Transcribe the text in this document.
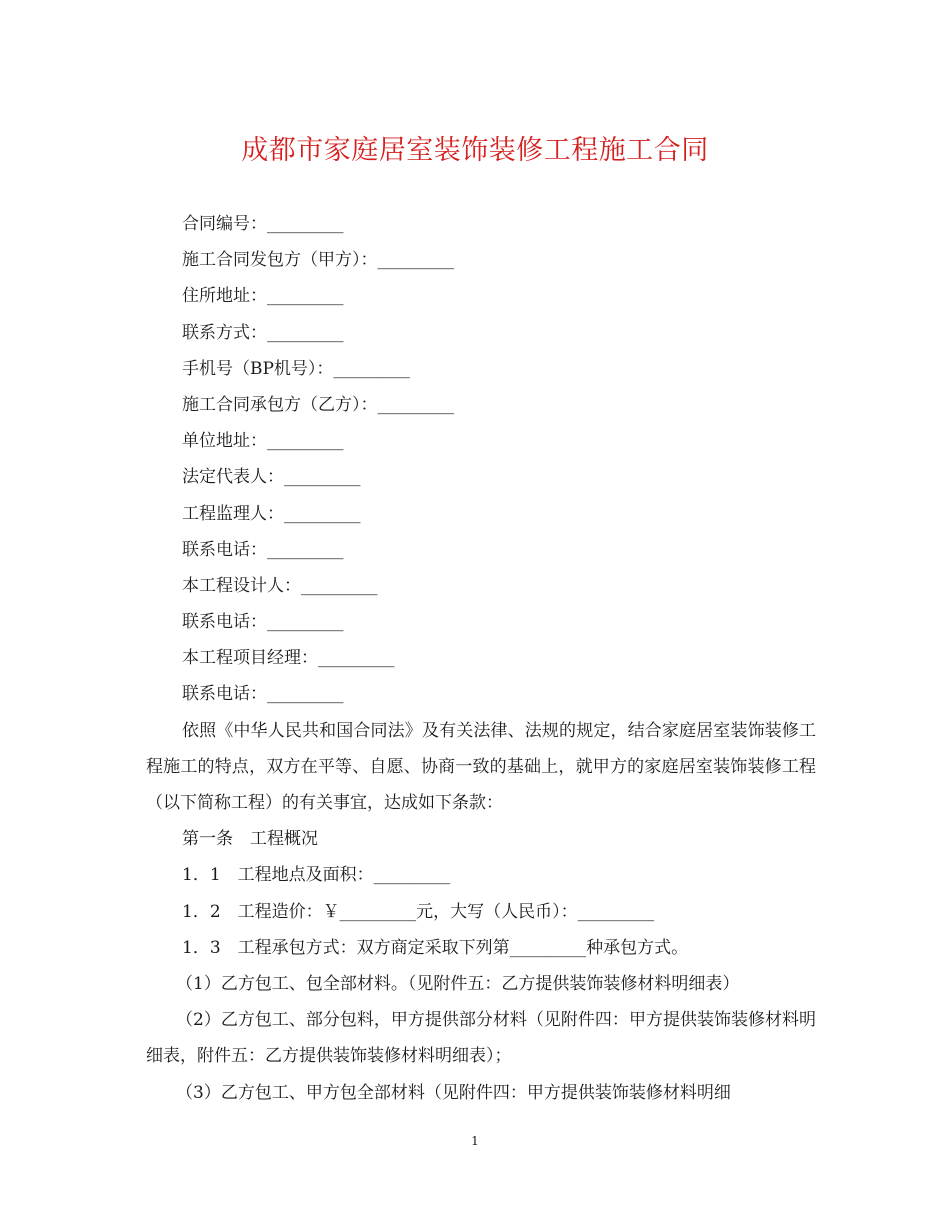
成都市家庭居室装饰装修工程施工合同
合同编号：_________
施工合同发包方（甲方）：_________
住所地址：_________
联系方式：_________
手机号（BP机号）：_________
施工合同承包方（乙方）：_________
单位地址：_________
法定代表人：_________
工程监理人：_________
联系电话：_________
本工程设计人：_________
联系电话：_________
本工程项目经理：_________
联系电话：_________
依照《中华人民共和国合同法》及有关法律、法规的规定，结合家庭居室装饰装修工程施工的特点，双方在平等、自愿、协商一致的基础上，就甲方的家庭居室装饰装修工程（以下简称工程）的有关事宜，达成如下条款：
第一条　工程概况
1．1　工程地点及面积：_________
1．2　工程造价：￥_________元，大写（人民币）：_________
1．3　工程承包方式：双方商定采取下列第_________种承包方式。
（1）乙方包工、包全部材料。（见附件五：乙方提供装饰装修材料明细表）
（2）乙方包工、部分包料，甲方提供部分材料（见附件四：甲方提供装饰装修材料明细表，附件五：乙方提供装饰装修材料明细表）；
（3）乙方包工、甲方包全部材料（见附件四：甲方提供装饰装修材料明细
1
